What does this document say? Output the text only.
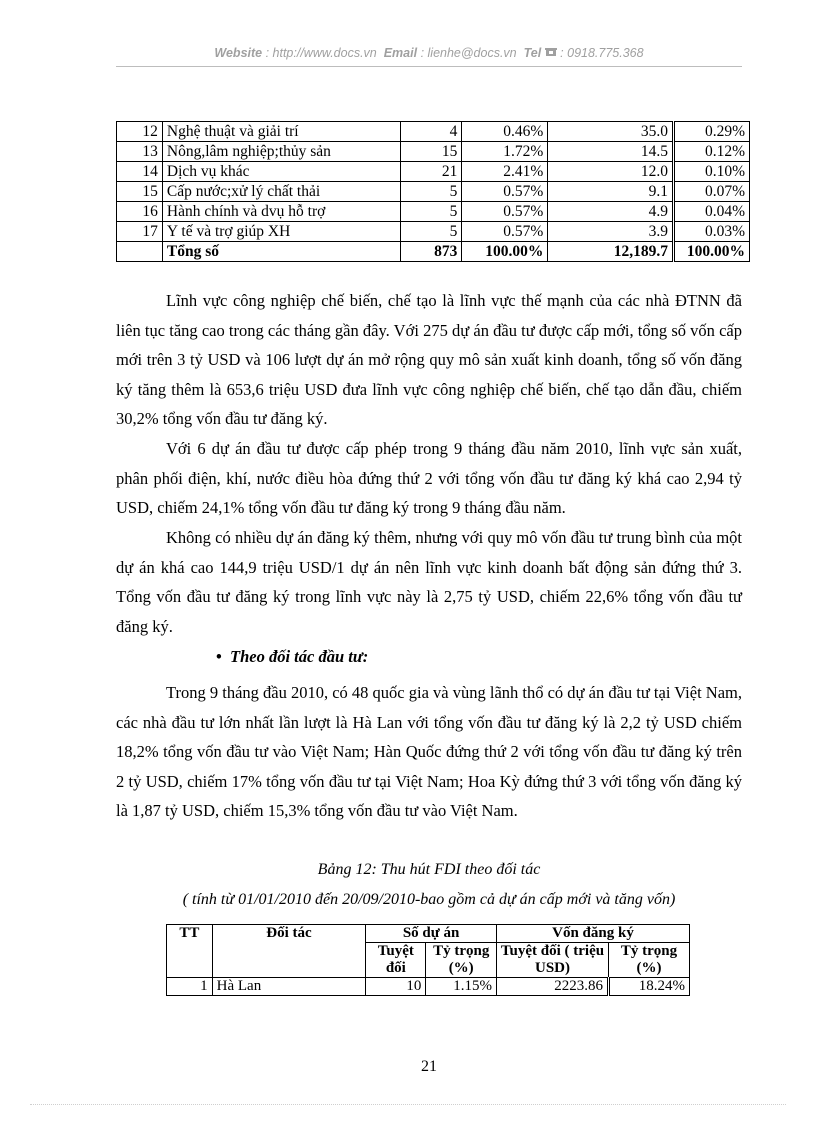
Website : http://www.docs.vn Email : lienhe@docs.vn Tel : 0918.775.368
12	Nghệ thuật và giải trí	4	0.46%	35.0	0.29%
13	Nông,lâm nghiệp;thủy sản	15	1.72%	14.5	0.12%
14	Dịch vụ khác	21	2.41%	12.0	0.10%
15	Cấp nước;xử lý chất thải	5	0.57%	9.1	0.07%
16	Hành chính và dvụ hỗ trợ	5	0.57%	4.9	0.04%
17	Y tế và trợ giúp XH	5	0.57%	3.9	0.03%
	Tổng số	873	100.00%	12,189.7	100.00%

Lĩnh vực công nghiệp chế biến, chế tạo là lĩnh vực thế mạnh của các nhà ĐTNN đã liên tục tăng cao trong các tháng gần đây. Với 275 dự án đầu tư được cấp mới, tổng số vốn cấp mới trên 3 tỷ USD và 106 lượt dự án mở rộng quy mô sản xuất kinh doanh, tổng số vốn đăng ký tăng thêm là 653,6 triệu USD đưa lĩnh vực công nghiệp chế biến, chế tạo dẫn đầu, chiếm 30,2% tổng vốn đầu tư đăng ký.

Với 6 dự án đầu tư được cấp phép trong 9 tháng đầu năm 2010, lĩnh vực sản xuất, phân phối điện, khí, nước điều hòa đứng thứ 2 với tổng vốn đầu tư đăng ký khá cao 2,94 tỷ USD, chiếm 24,1% tổng vốn đầu tư đăng ký trong 9 tháng đầu năm.

Không có nhiều dự án đăng ký thêm, nhưng với quy mô vốn đầu tư trung bình của một dự án khá cao 144,9 triệu USD/1 dự án nên lĩnh vực kinh doanh bất động sản đứng thứ 3. Tổng vốn đầu tư đăng ký trong lĩnh vực này là 2,75 tỷ USD, chiếm 22,6% tổng vốn đầu tư đăng ký.

• Theo đối tác đầu tư:

Trong 9 tháng đầu 2010, có 48 quốc gia và vùng lãnh thổ có dự án đầu tư tại Việt Nam, các nhà đầu tư lớn nhất lần lượt là Hà Lan với tổng vốn đầu tư đăng ký là 2,2 tỷ USD chiếm 18,2% tổng vốn đầu tư vào Việt Nam; Hàn Quốc đứng thứ 2 với tổng vốn đầu tư đăng ký trên 2 tỷ USD, chiếm 17% tổng vốn đầu tư tại Việt Nam; Hoa Kỳ đứng thứ 3 với tổng vốn đăng ký là 1,87 tỷ USD, chiếm 15,3% tổng vốn đầu tư vào Việt Nam.

Bảng 12: Thu hút FDI theo đối tác
( tính từ 01/01/2010 đến 20/09/2010-bao gồm cả dự án cấp mới và tăng vốn)
TT	Đối tác	Số dự án		Vốn đăng ký	
		Tuyệt đối	Tỷ trọng (%)	Tuyệt đối ( triệu USD)	Tỷ trọng (%)
1	Hà Lan	10	1.15%	2223.86	18.24%
21
